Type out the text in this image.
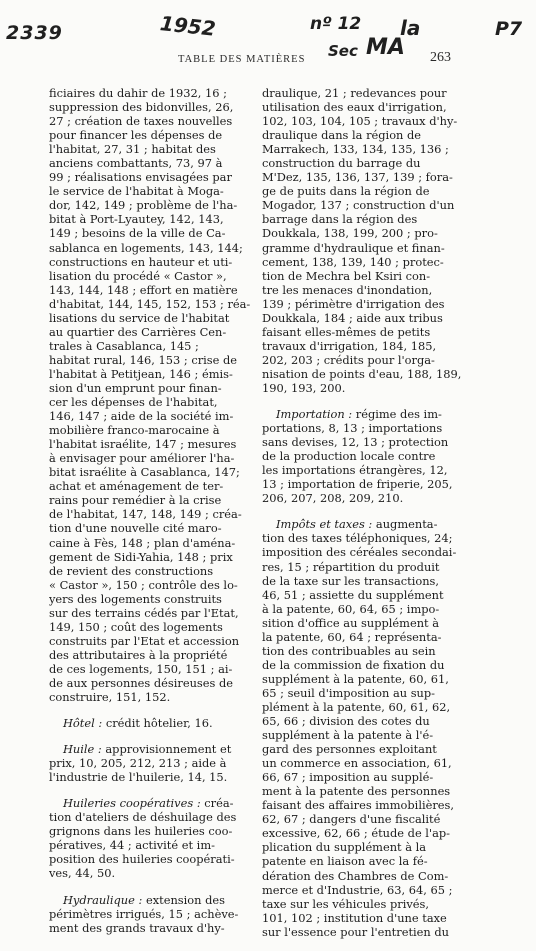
2339	1952	nº 12 la	P7
Sec MA
TABLE DES MATIÈRES	263
ficiaires du dahir de 1932, 16 ;
suppression des bidonvilles, 26,
27 ; création de taxes nouvelles
pour financer les dépenses de
l'habitat, 27, 31 ; habitat des
anciens combattants, 73, 97 à
99 ; réalisations envisagées par
le service de l'habitat à Moga-
dor, 142, 149 ; problème de l'ha-
bitat à Port-Lyautey, 142, 143,
149 ; besoins de la ville de Ca-
sablanca en logements, 143, 144;
constructions en hauteur et uti-
lisation du procédé « Castor »,
143, 144, 148 ; effort en matière
d'habitat, 144, 145, 152, 153 ; réa-
lisations du service de l'habitat
au quartier des Carrières Cen-
trales à Casablanca, 145 ;
habitat rural, 146, 153 ; crise de
l'habitat à Petitjean, 146 ; émis-
sion d'un emprunt pour finan-
cer les dépenses de l'habitat,
146, 147 ; aide de la société im-
mobilière franco-marocaine à
l'habitat israélite, 147 ; mesures
à envisager pour améliorer l'ha-
bitat israélite à Casablanca, 147;
achat et aménagement de ter-
rains pour remédier à la crise
de l'habitat, 147, 148, 149 ; créa-
tion d'une nouvelle cité maro-
caine à Fès, 148 ; plan d'aména-
gement de Sidi-Yahia, 148 ; prix
de revient des constructions
« Castor », 150 ; contrôle des lo-
yers des logements construits
sur des terrains cédés par l'Etat,
149, 150 ; coût des logements
construits par l'Etat et accession
des attributaires à la propriété
de ces logements, 150, 151 ; ai-
de aux personnes désireuses de
construire, 151, 152.
Hôtel : crédit hôtelier, 16.
Huile : approvisionnement et
prix, 10, 205, 212, 213 ; aide à
l'industrie de l'huilerie, 14, 15.
Huileries coopératives : créa-
tion d'ateliers de déshuilage des
grignons dans les huileries coo-
pératives, 44 ; activité et im-
position des huileries coopérati-
ves, 44, 50.
Hydraulique : extension des
périmètres irrigués, 15 ; achève-
ment des grands travaux d'hy-
draulique, 21 ; redevances pour
utilisation des eaux d'irrigation,
102, 103, 104, 105 ; travaux d'hy-
draulique dans la région de
Marrakech, 133, 134, 135, 136 ;
construction du barrage du
M'Dez, 135, 136, 137, 139 ; fora-
ge de puits dans la région de
Mogador, 137 ; construction d'un
barrage dans la région des
Doukkala, 138, 199, 200 ; pro-
gramme d'hydraulique et finan-
cement, 138, 139, 140 ; protec-
tion de Mechra bel Ksiri con-
tre les menaces d'inondation,
139 ; périmètre d'irrigation des
Doukkala, 184 ; aide aux tribus
faisant elles-mêmes de petits
travaux d'irrigation, 184, 185,
202, 203 ; crédits pour l'orga-
nisation de points d'eau, 188, 189,
190, 193, 200.
Importation : régime des im-
portations, 8, 13 ; importations
sans devises, 12, 13 ; protection
de la production locale contre
les importations étrangères, 12,
13 ; importation de friperie, 205,
206, 207, 208, 209, 210.
Impôts et taxes : augmenta-
tion des taxes téléphoniques, 24;
imposition des céréales secondai-
res, 15 ; répartition du produit
de la taxe sur les transactions,
46, 51 ; assiette du supplément
à la patente, 60, 64, 65 ; impo-
sition d'office au supplément à
la patente, 60, 64 ; représenta-
tion des contribuables au sein
de la commission de fixation du
supplément à la patente, 60, 61,
65 ; seuil d'imposition au sup-
plément à la patente, 60, 61, 62,
65, 66 ; division des cotes du
supplément à la patente à l'é-
gard des personnes exploitant
un commerce en association, 61,
66, 67 ; imposition au supplé-
ment à la patente des personnes
faisant des affaires immobilières,
62, 67 ; dangers d'une fiscalité
excessive, 62, 66 ; étude de l'ap-
plication du supplément à la
patente en liaison avec la fé-
dération des Chambres de Com-
merce et d'Industrie, 63, 64, 65 ;
taxe sur les véhicules privés,
101, 102 ; institution d'une taxe
sur l'essence pour l'entretien du
